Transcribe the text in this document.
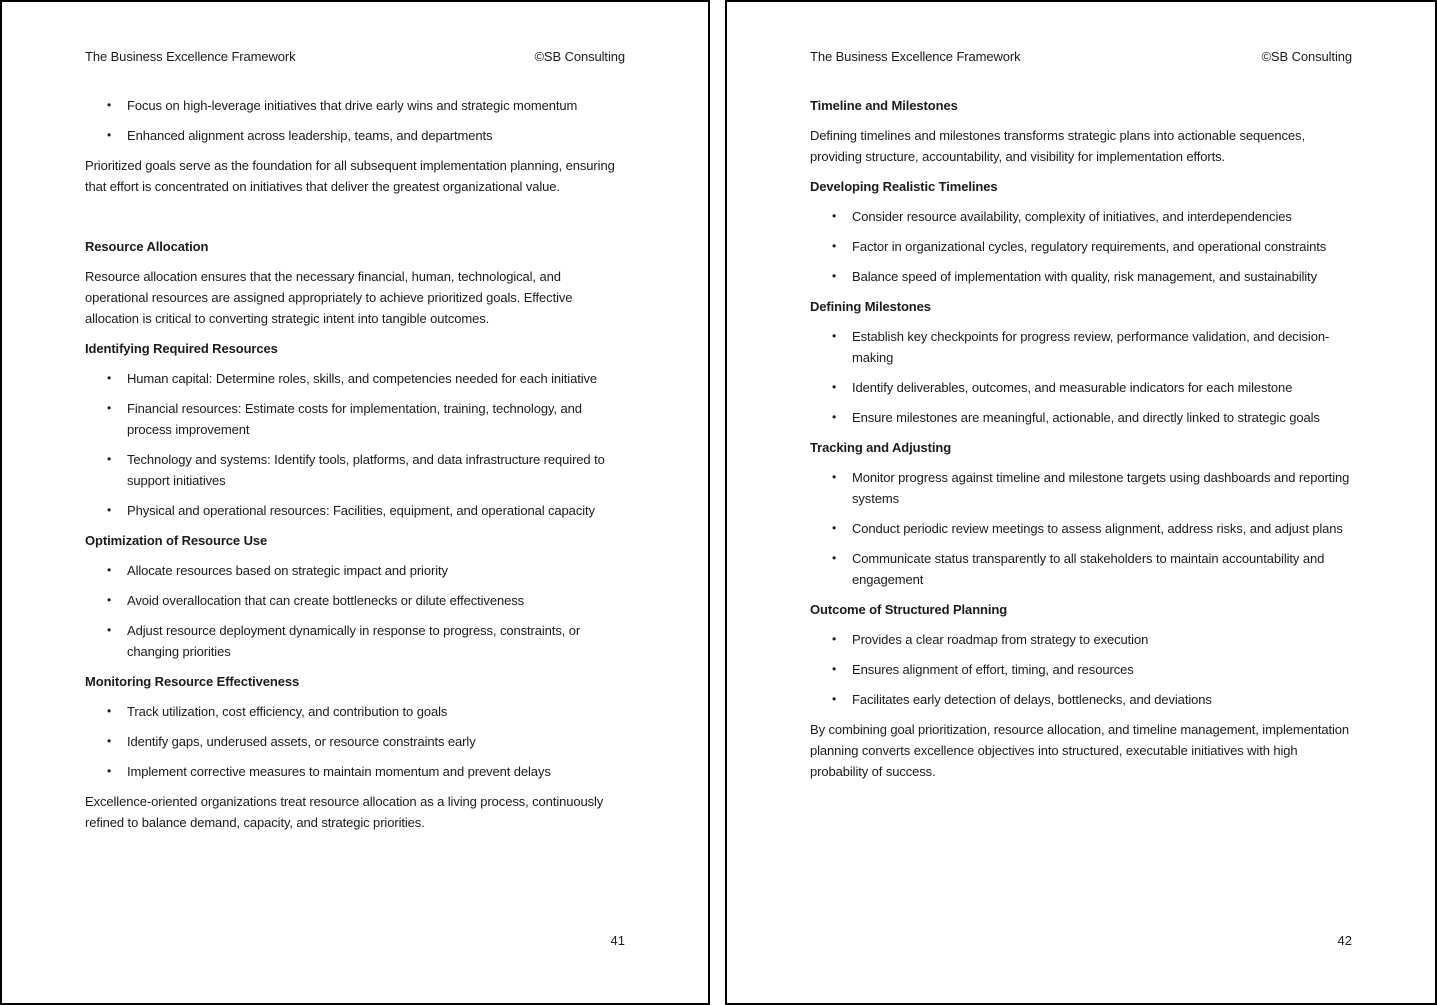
The Business Excellence Framework	©SB Consulting
•	Focus on high-leverage initiatives that drive early wins and strategic momentum
•	Enhanced alignment across leadership, teams, and departments
Prioritized goals serve as the foundation for all subsequent implementation planning, ensuring that effort is concentrated on initiatives that deliver the greatest organizational value.
Resource Allocation
Resource allocation ensures that the necessary financial, human, technological, and operational resources are assigned appropriately to achieve prioritized goals. Effective allocation is critical to converting strategic intent into tangible outcomes.
Identifying Required Resources
•	Human capital: Determine roles, skills, and competencies needed for each initiative
•	Financial resources: Estimate costs for implementation, training, technology, and process improvement
•	Technology and systems: Identify tools, platforms, and data infrastructure required to support initiatives
•	Physical and operational resources: Facilities, equipment, and operational capacity
Optimization of Resource Use
•	Allocate resources based on strategic impact and priority
•	Avoid overallocation that can create bottlenecks or dilute effectiveness
•	Adjust resource deployment dynamically in response to progress, constraints, or changing priorities
Monitoring Resource Effectiveness
•	Track utilization, cost efficiency, and contribution to goals
•	Identify gaps, underused assets, or resource constraints early
•	Implement corrective measures to maintain momentum and prevent delays
Excellence-oriented organizations treat resource allocation as a living process, continuously refined to balance demand, capacity, and strategic priorities.
41
The Business Excellence Framework	©SB Consulting
Timeline and Milestones
Defining timelines and milestones transforms strategic plans into actionable sequences, providing structure, accountability, and visibility for implementation efforts.
Developing Realistic Timelines
•	Consider resource availability, complexity of initiatives, and interdependencies
•	Factor in organizational cycles, regulatory requirements, and operational constraints
•	Balance speed of implementation with quality, risk management, and sustainability
Defining Milestones
•	Establish key checkpoints for progress review, performance validation, and decision-making
•	Identify deliverables, outcomes, and measurable indicators for each milestone
•	Ensure milestones are meaningful, actionable, and directly linked to strategic goals
Tracking and Adjusting
•	Monitor progress against timeline and milestone targets using dashboards and reporting systems
•	Conduct periodic review meetings to assess alignment, address risks, and adjust plans
•	Communicate status transparently to all stakeholders to maintain accountability and engagement
Outcome of Structured Planning
•	Provides a clear roadmap from strategy to execution
•	Ensures alignment of effort, timing, and resources
•	Facilitates early detection of delays, bottlenecks, and deviations
By combining goal prioritization, resource allocation, and timeline management, implementation planning converts excellence objectives into structured, executable initiatives with high probability of success.
42
